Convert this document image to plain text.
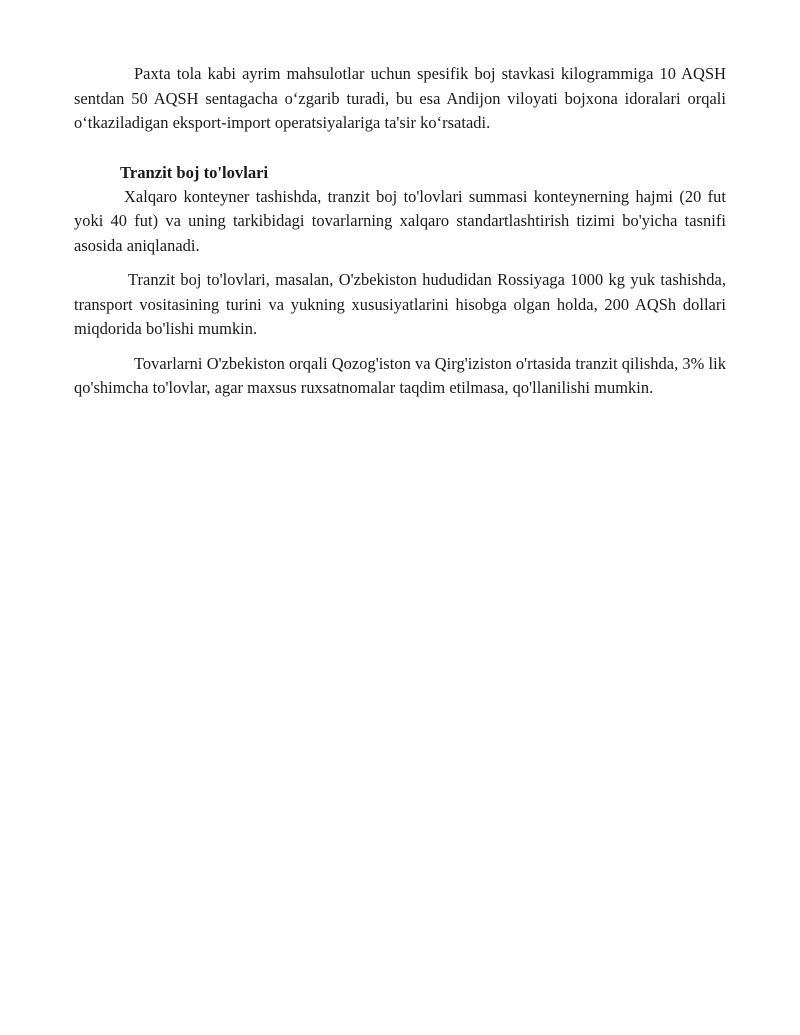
Paxta tola kabi ayrim mahsulotlar uchun spesifik boj stavkasi kilogrammiga 10 AQSH sentdan 50 AQSH sentagacha o‘zgarib turadi, bu esa Andijon viloyati bojxona idoralari orqali o‘tkaziladigan eksport-import operatsiyalariga ta'sir ko‘rsatadi.

Tranzit boj to'lovlari

Xalqaro konteyner tashishda, tranzit boj to'lovlari summasi konteynerning hajmi (20 fut yoki 40 fut) va uning tarkibidagi tovarlarning xalqaro standartlashtirish tizimi bo'yicha tasnifi asosida aniqlanadi.

Tranzit boj to'lovlari, masalan, O'zbekiston hududidan Rossiyaga 1000 kg yuk tashishda, transport vositasining turini va yukning xususiyatlarini hisobga olgan holda, 200 AQSh dollari miqdorida bo'lishi mumkin.

Tovarlarni O'zbekiston orqali Qozog'iston va Qirg'iziston o'rtasida tranzit qilishda, 3% lik qo'shimcha to'lovlar, agar maxsus ruxsatnomalar taqdim etilmasa, qo'llanilishi mumkin.
